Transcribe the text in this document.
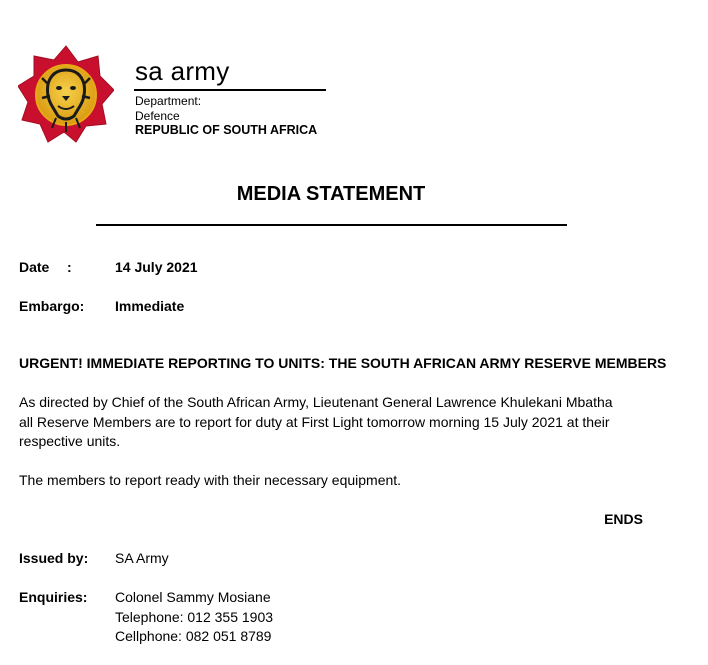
sa army
Department:
Defence
REPUBLIC OF SOUTH AFRICA
MEDIA STATEMENT
Date :	14 July 2021
Embargo: Immediate
URGENT! IMMEDIATE REPORTING TO UNITS: THE SOUTH AFRICAN ARMY RESERVE MEMBERS
As directed by Chief of the South African Army, Lieutenant General Lawrence Khulekani Mbatha
all Reserve Members are to report for duty at First Light tomorrow morning 15 July 2021 at their
respective units.
The members to report ready with their necessary equipment.
ENDS
Issued by: SA Army
Enquiries: Colonel Sammy Mosiane
Telephone: 012 355 1903
Cellphone: 082 051 8789
